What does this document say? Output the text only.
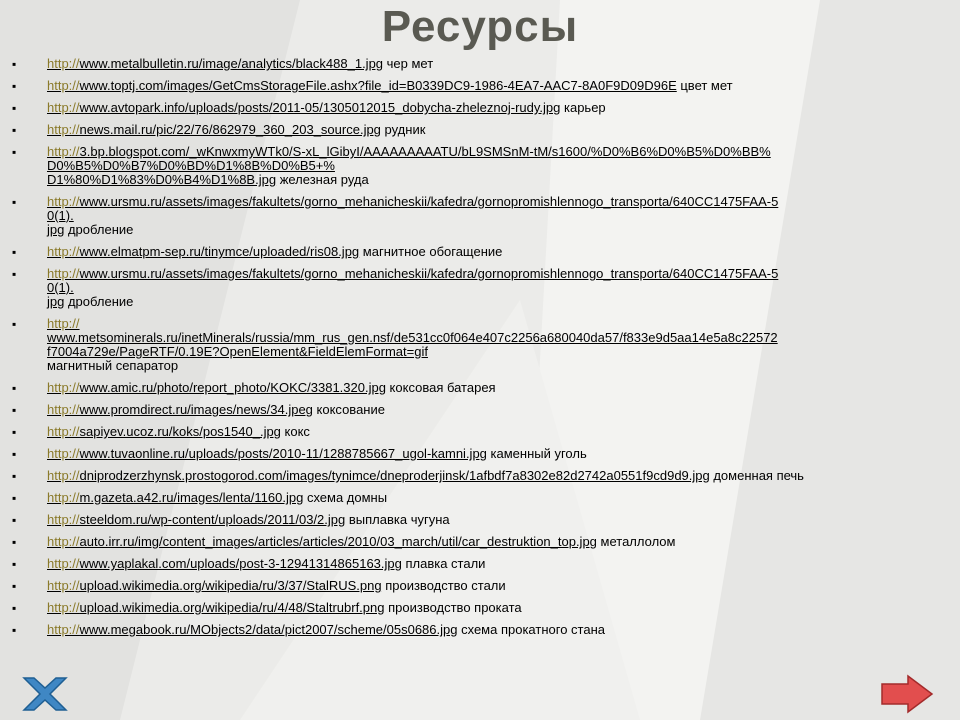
Ресурсы
▪ http://www.metalbulletin.ru/image/analytics/black488_1.jpg чер мет
▪ http://www.toptj.com/images/GetCmsStorageFile.ashx?file_id=B0339DC9-1986-4EA7-AAC7-8A0F9D09D96E цвет мет
▪ http://www.avtopark.info/uploads/posts/2011-05/1305012015_dobycha-zheleznoj-rudy.jpg карьер
▪ http://news.mail.ru/pic/22/76/862979_360_203_source.jpg рудник
▪ http://3.bp.blogspot.com/_wKnwxmyWTk0/S-xL_lGibyI/AAAAAAAAATU/bL9SMSnM-tM/s1600/%D0%B6%D0%B5%D0%BB%
D0%B5%D0%B7%D0%BD%D1%8B%D0%B5+%
D1%80%D1%83%D0%B4%D1%8B.jpg железная руда
▪ http://www.ursmu.ru/assets/images/fakultets/gorno_mehanicheskii/kafedra/gornopromishlennogo_transporta/640CC1475FAA-5
0(1).
jpg дробление
▪ http://www.elmatpm-sep.ru/tinymce/uploaded/ris08.jpg магнитное обогащение
▪ http://www.ursmu.ru/assets/images/fakultets/gorno_mehanicheskii/kafedra/gornopromishlennogo_transporta/640CC1475FAA-5
0(1).
jpg дробление
▪ http://
www.metsominerals.ru/inetMinerals/russia/mm_rus_gen.nsf/de531cc0f064e407c2256a680040da57/f833e9d5aa14e5a8c22572
f7004a729e/PageRTF/0.19E?OpenElement&FieldElemFormat=gif
магнитный сепаратор
▪ http://www.amic.ru/photo/report_photo/KOKC/3381.320.jpg коксовая батарея
▪ http://www.promdirect.ru/images/news/34.jpeg коксование
▪ http://sapiyev.ucoz.ru/koks/pos1540_.jpg кокс
▪ http://www.tuvaonline.ru/uploads/posts/2010-11/1288785667_ugol-kamni.jpg каменный уголь
▪ http://dniprodzerzhynsk.prostogorod.com/images/tynimce/dneproderjinsk/1afbdf7a8302e82d2742a0551f9cd9d9.jpg доменная печь
▪ http://m.gazeta.a42.ru/images/lenta/1160.jpg схема домны
▪ http://steeldom.ru/wp-content/uploads/2011/03/2.jpg выплавка чугуна
▪ http://auto.irr.ru/img/content_images/articles/articles/2010/03_march/util/car_destruktion_top.jpg металлолом
▪ http://www.yaplakal.com/uploads/post-3-12941314865163.jpg плавка стали
▪ http://upload.wikimedia.org/wikipedia/ru/3/37/StalRUS.png производство стали
▪ http://upload.wikimedia.org/wikipedia/ru/4/48/Staltrubrf.png производство проката
▪ http://www.megabook.ru/MObjects2/data/pict2007/scheme/05s0686.jpg схема прокатного стана
